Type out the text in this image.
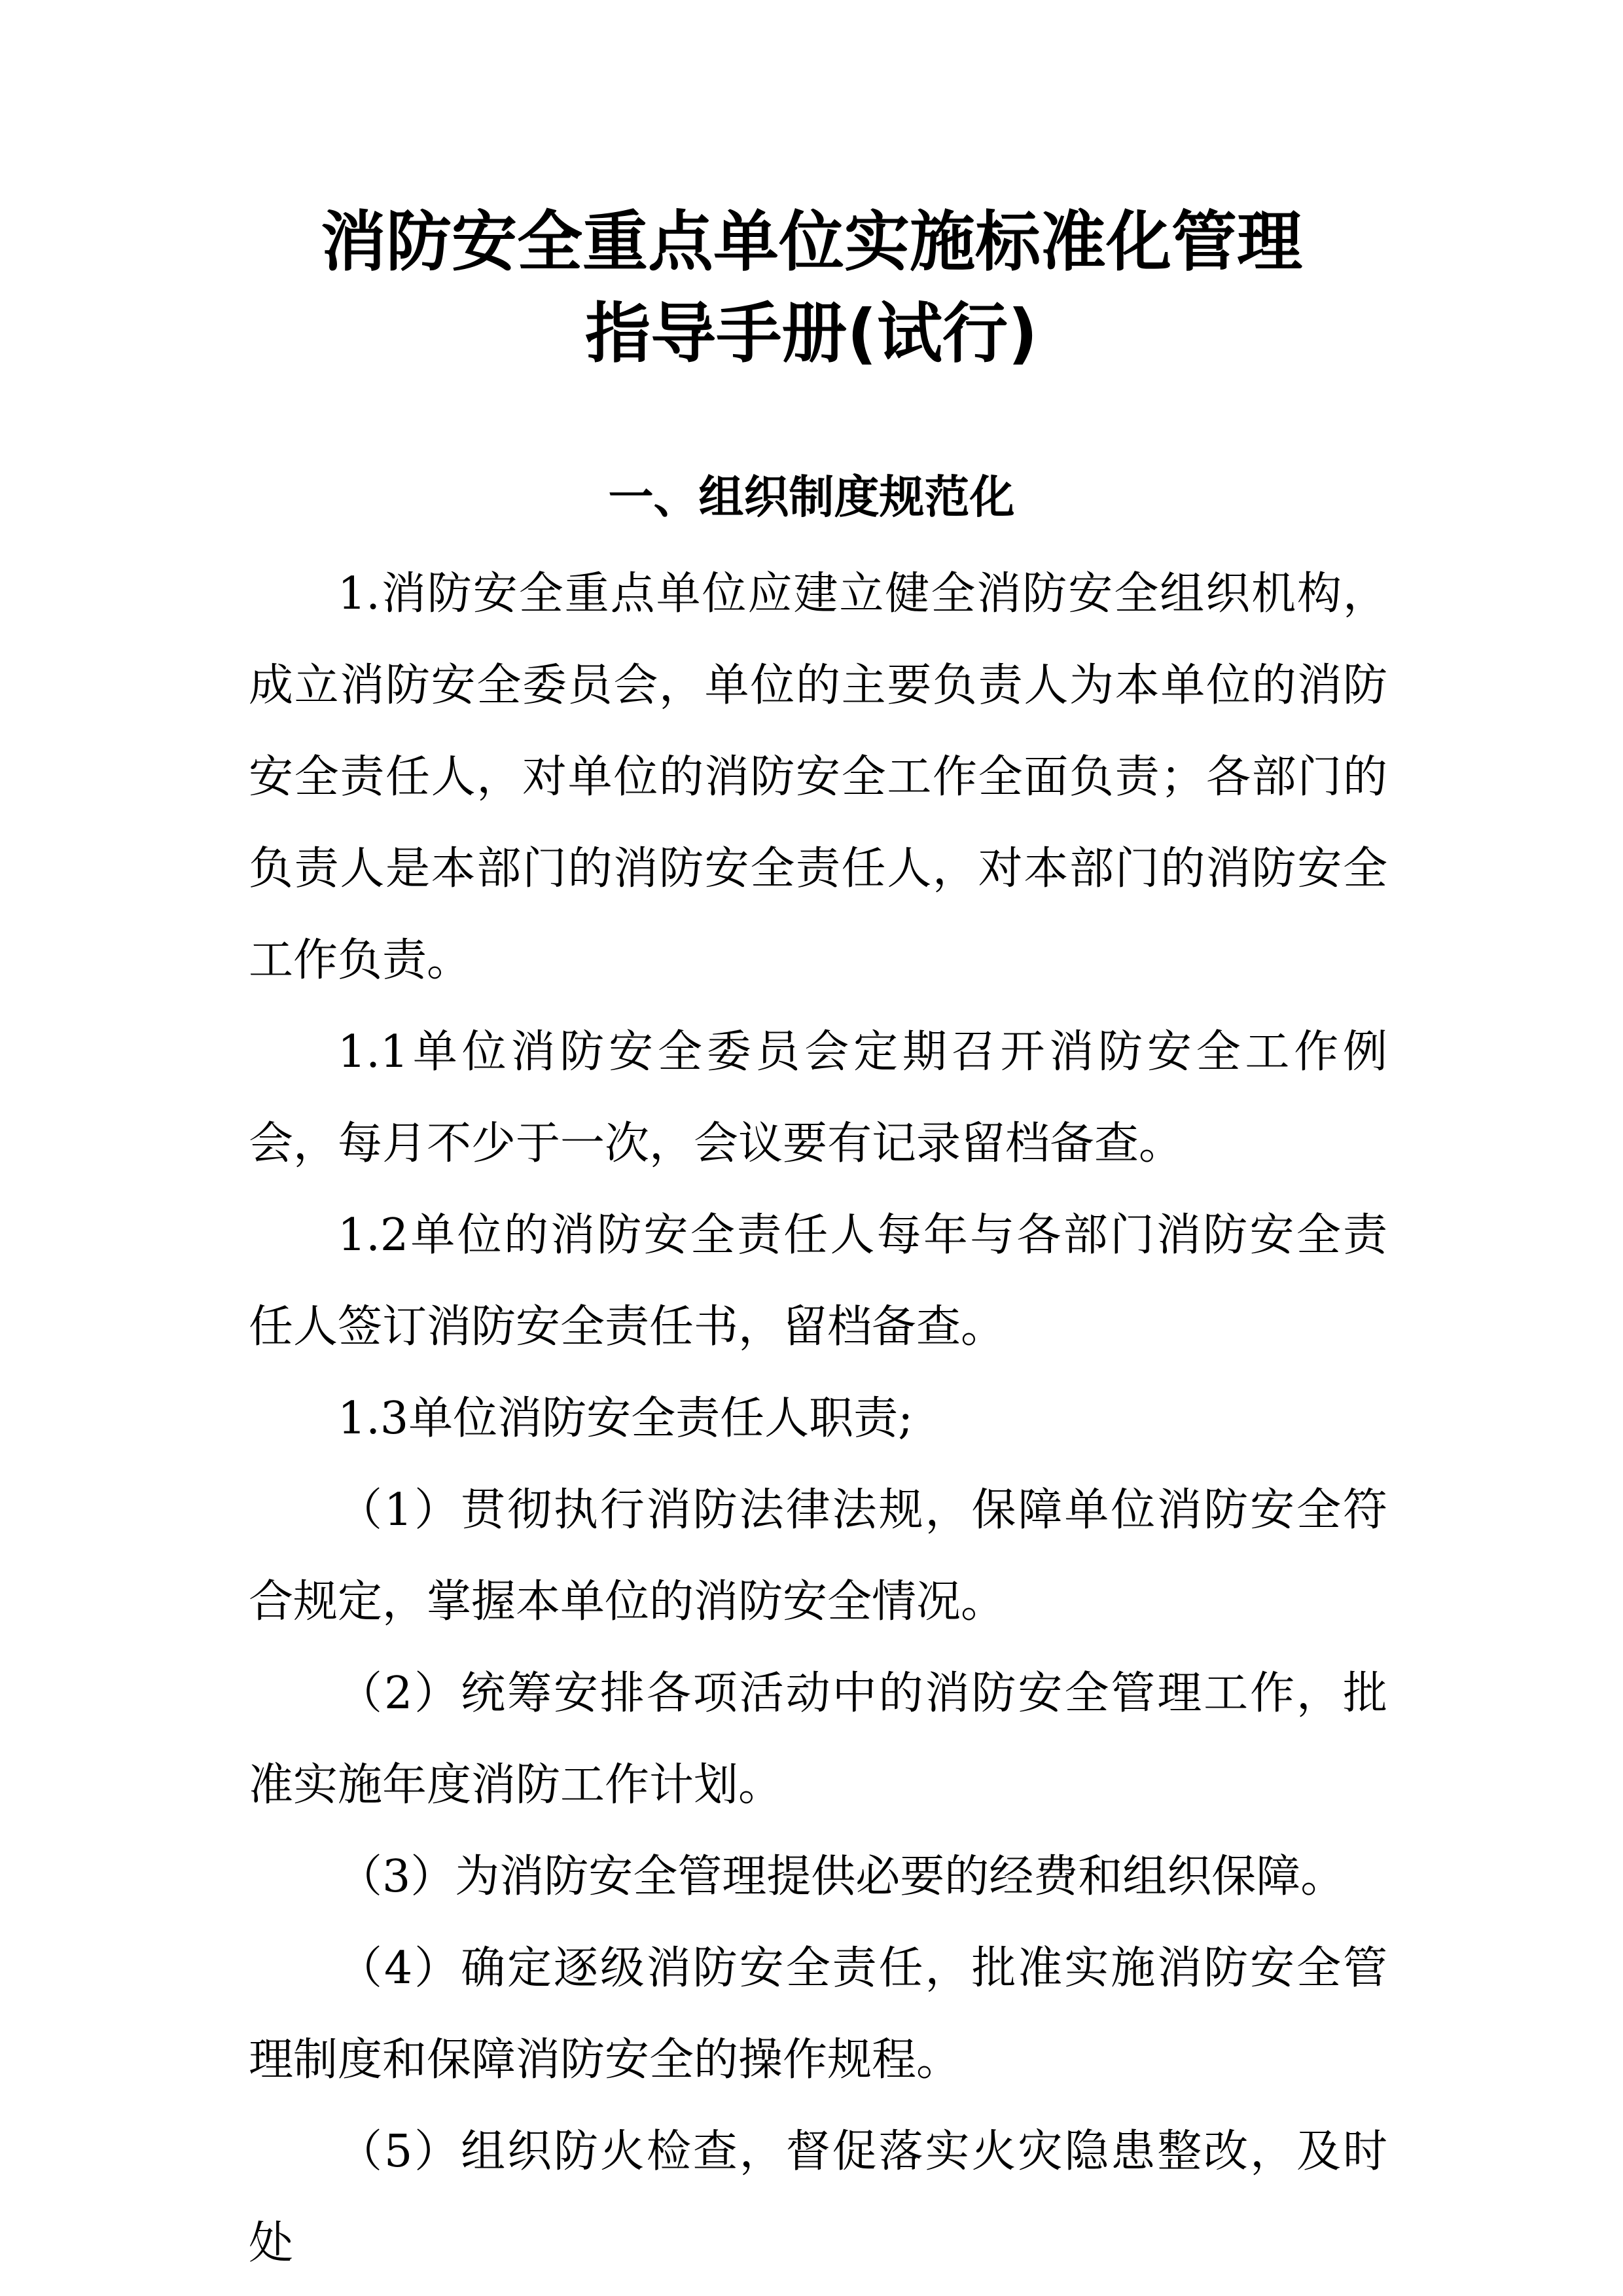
消防安全重点单位实施标准化管理
指导手册(试行)
一、组织制度规范化

1.消防安全重点单位应建立健全消防安全组织机构，成立消防安全委员会，单位的主要负责人为本单位的消防安全责任人，对单位的消防安全工作全面负责；各部门的负责人是本部门的消防安全责任人，对本部门的消防安全工作负责。

1.1单位消防安全委员会定期召开消防安全工作例会，每月不少于一次，会议要有记录留档备查。

1.2单位的消防安全责任人每年与各部门消防安全责任人签订消防安全责任书，留档备查。

1.3单位消防安全责任人职责;

（1）贯彻执行消防法律法规，保障单位消防安全符合规定，掌握本单位的消防安全情况。

（2）统筹安排各项活动中的消防安全管理工作，批准实施年度消防工作计划。

（3）为消防安全管理提供必要的经费和组织保障。

（4）确定逐级消防安全责任，批准实施消防安全管理制度和保障消防安全的操作规程。

（5）组织防火检查，督促落实火灾隐患整改，及时处
